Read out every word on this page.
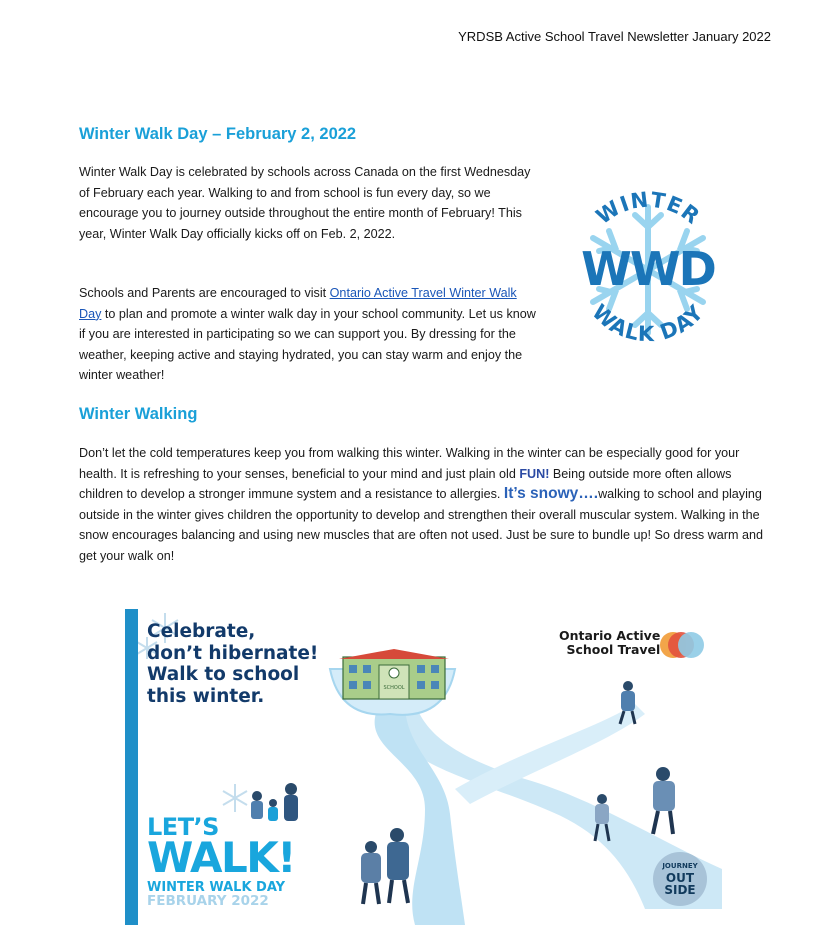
YRDSB Active School Travel Newsletter January 2022
Winter Walk Day – February 2, 2022

Winter Walk Day is celebrated by schools across Canada on the first Wednesday of February each year. Walking to and from school is fun every day, so we encourage you to journey outside throughout the entire month of February! This year, Winter Walk Day officially kicks off on Feb. 2, 2022.

Schools and Parents are encouraged to visit Ontario Active Travel Winter Walk Day to plan and promote a winter walk day in your school community. Let us know if you are interested in participating so we can support you. By dressing for the weather, keeping active and staying hydrated, you can stay warm and enjoy the winter weather!

WINTER
WWD
WALK DAY
Winter Walking

Don’t let the cold temperatures keep you from walking this winter. Walking in the winter can be especially good for your health. It is refreshing to your senses, beneficial to your mind and just plain old FUN! Being outside more often allows children to develop a stronger immune system and a resistance to allergies. It’s snowy….walking to school and playing outside in the winter gives children the opportunity to develop and strengthen their overall muscular system. Walking in the snow encourages balancing and using new muscles that are often not used. Just be sure to bundle up! So dress warm and get your walk on!

SCHOOL
Celebrate,
don’t hibernate!
Walk to school
this winter.
Ontario Active
School Travel
LET’S
WALK!
WINTER WALK DAY
FEBRUARY 2022
JOURNEY
OUT
SIDE
